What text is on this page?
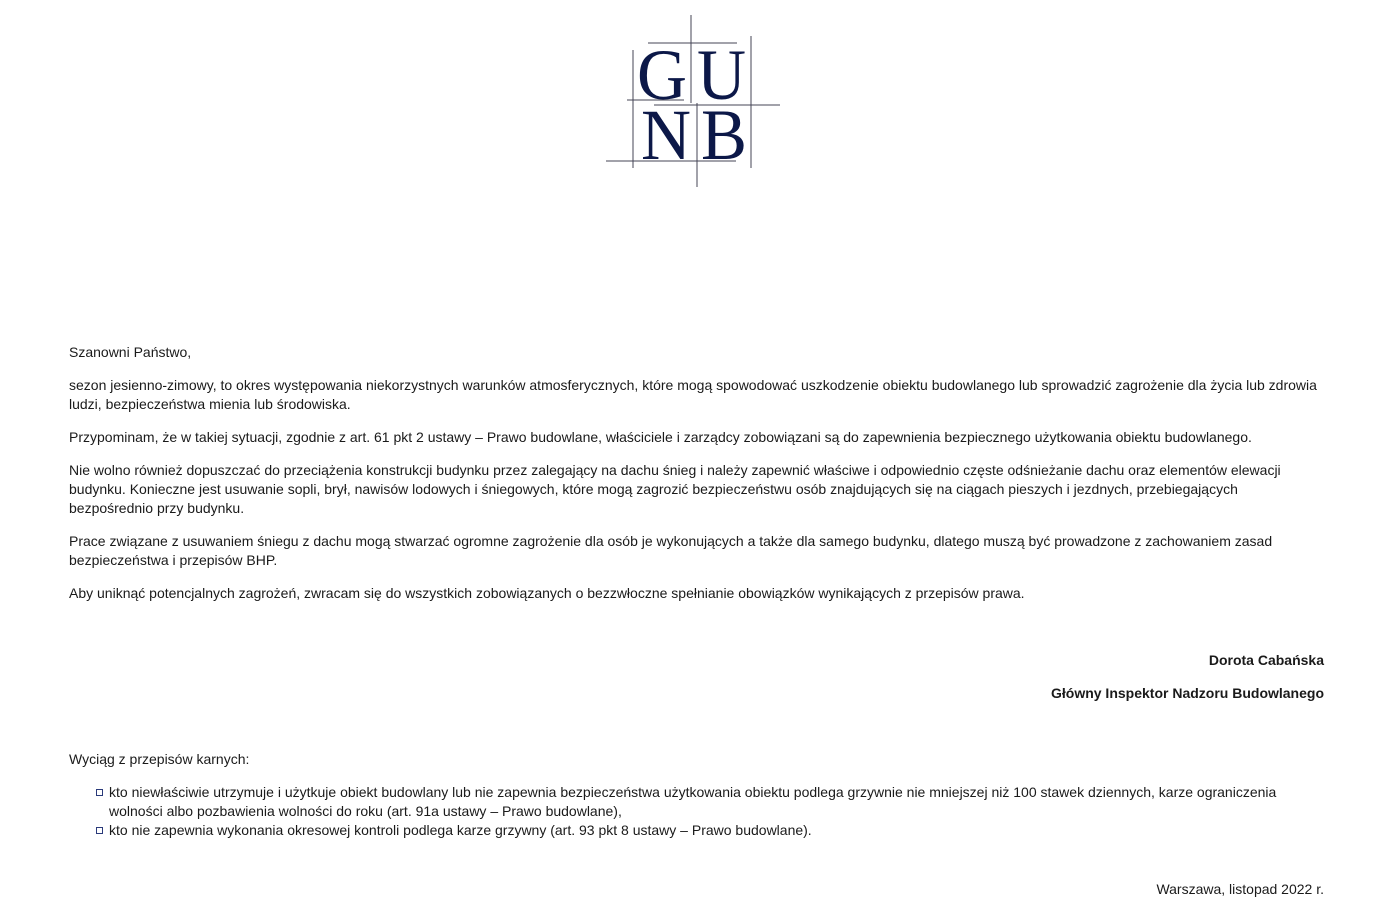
G U
N B

Szanowni Państwo,

sezon jesienno-zimowy, to okres występowania niekorzystnych warunków atmosferycznych, które mogą spowodować uszkodzenie obiektu budowlanego lub sprowadzić zagrożenie dla życia lub zdrowia ludzi, bezpieczeństwa mienia lub środowiska.

Przypominam, że w takiej sytuacji, zgodnie z art. 61 pkt 2 ustawy – Prawo budowlane, właściciele i zarządcy zobowiązani są do zapewnienia bezpiecznego użytkowania obiektu budowlanego.

Nie wolno również dopuszczać do przeciążenia konstrukcji budynku przez zalegający na dachu śnieg i należy zapewnić właściwe i odpowiednio częste odśnieżanie dachu oraz elementów elewacji budynku. Konieczne jest usuwanie sopli, brył, nawisów lodowych i śniegowych, które mogą zagrozić bezpieczeństwu osób znajdujących się na ciągach pieszych i jezdnych, przebiegających bezpośrednio przy budynku.

Prace związane z usuwaniem śniegu z dachu mogą stwarzać ogromne zagrożenie dla osób je wykonujących a także dla samego budynku, dlatego muszą być prowadzone z zachowaniem zasad bezpieczeństwa i przepisów BHP.

Aby uniknąć potencjalnych zagrożeń, zwracam się do wszystkich zobowiązanych o bezzwłoczne spełnianie obowiązków wynikających z przepisów prawa.

Dorota Cabańska

Główny Inspektor Nadzoru Budowlanego

Wyciąg z przepisów karnych:

kto niewłaściwie utrzymuje i użytkuje obiekt budowlany lub nie zapewnia bezpieczeństwa użytkowania obiektu podlega grzywnie nie mniejszej niż 100 stawek dziennych, karze ograniczenia wolności albo pozbawienia wolności do roku (art. 91a ustawy – Prawo budowlane),
kto nie zapewnia wykonania okresowej kontroli podlega karze grzywny (art. 93 pkt 8 ustawy – Prawo budowlane).
Warszawa, listopad 2022 r.
